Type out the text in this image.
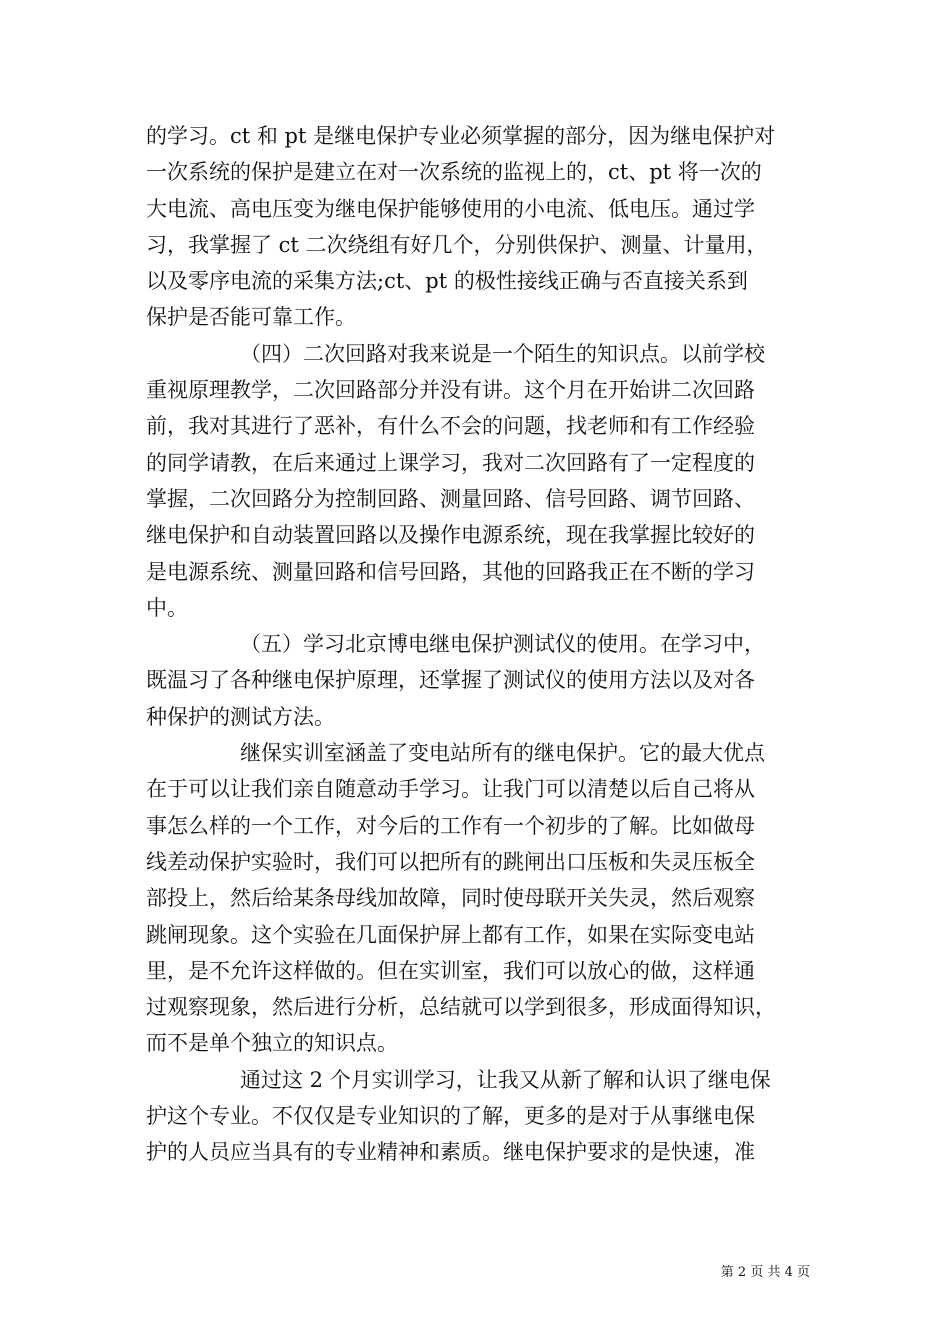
的学习。ct 和 pt 是继电保护专业必须掌握的部分，因为继电保护对
一次系统的保护是建立在对一次系统的监视上的，ct、pt 将一次的
大电流、高电压变为继电保护能够使用的小电流、低电压。通过学
习，我掌握了 ct 二次绕组有好几个，分别供保护、测量、计量用，
以及零序电流的采集方法;ct、pt 的极性接线正确与否直接关系到
保护是否能可靠工作。
（四）二次回路对我来说是一个陌生的知识点。以前学校
重视原理教学，二次回路部分并没有讲。这个月在开始讲二次回路
前，我对其进行了恶补，有什么不会的问题，找老师和有工作经验
的同学请教，在后来通过上课学习，我对二次回路有了一定程度的
掌握，二次回路分为控制回路、测量回路、信号回路、调节回路、
继电保护和自动装置回路以及操作电源系统，现在我掌握比较好的
是电源系统、测量回路和信号回路，其他的回路我正在不断的学习
中。
（五）学习北京博电继电保护测试仪的使用。在学习中，
既温习了各种继电保护原理，还掌握了测试仪的使用方法以及对各
种保护的测试方法。
继保实训室涵盖了变电站所有的继电保护。它的最大优点
在于可以让我们亲自随意动手学习。让我门可以清楚以后自己将从
事怎么样的一个工作，对今后的工作有一个初步的了解。比如做母
线差动保护实验时，我们可以把所有的跳闸出口压板和失灵压板全
部投上，然后给某条母线加故障，同时使母联开关失灵，然后观察
跳闸现象。这个实验在几面保护屏上都有工作，如果在实际变电站
里，是不允许这样做的。但在实训室，我们可以放心的做，这样通
过观察现象，然后进行分析，总结就可以学到很多，形成面得知识，
而不是单个独立的知识点。
通过这 2 个月实训学习，让我又从新了解和认识了继电保
护这个专业。不仅仅是专业知识的了解，更多的是对于从事继电保
护的人员应当具有的专业精神和素质。继电保护要求的是快速，准
第 2 页 共 4 页
